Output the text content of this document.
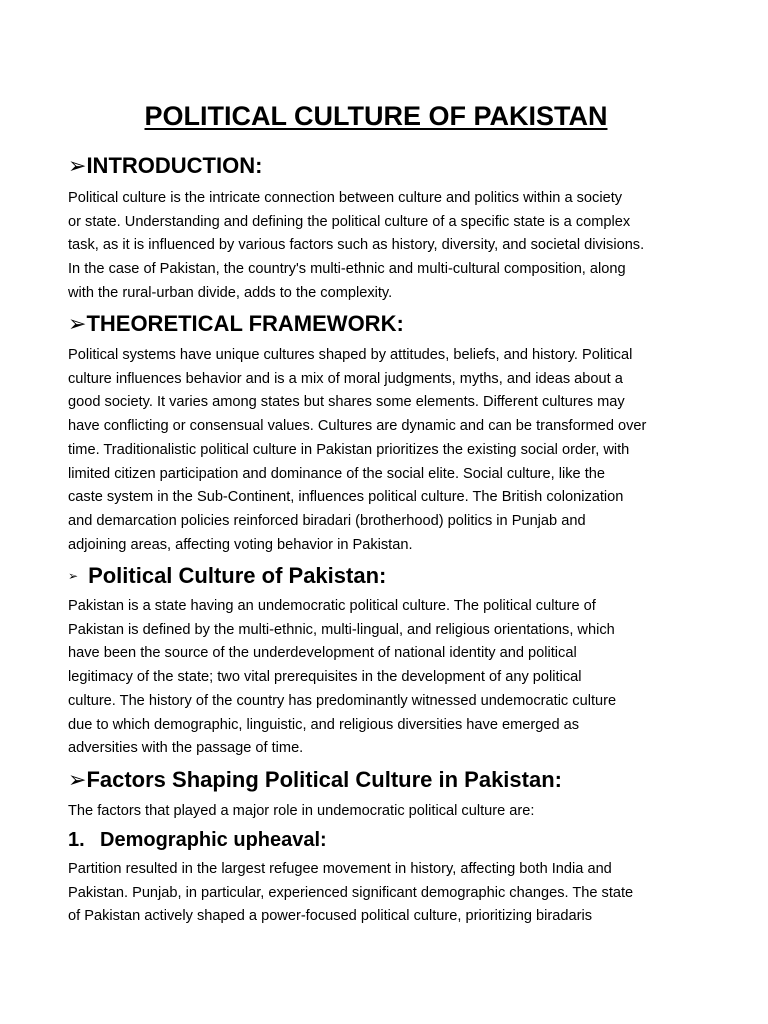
POLITICAL CULTURE OF PAKISTAN
➢INTRODUCTION:
Political culture is the intricate connection between culture and politics within a society
or state. Understanding and defining the political culture of a specific state is a complex
task, as it is influenced by various factors such as history, diversity, and societal divisions.
In the case of Pakistan, the country's multi-ethnic and multi-cultural composition, along
with the rural-urban divide, adds to the complexity.
➢THEORETICAL FRAMEWORK:
Political systems have unique cultures shaped by attitudes, beliefs, and history. Political
culture influences behavior and is a mix of moral judgments, myths, and ideas about a
good society. It varies among states but shares some elements. Different cultures may
have conflicting or consensual values. Cultures are dynamic and can be transformed over
time. Traditionalistic political culture in Pakistan prioritizes the existing social order, with
limited citizen participation and dominance of the social elite. Social culture, like the
caste system in the Sub-Continent, influences political culture. The British colonization
and demarcation policies reinforced biradari (brotherhood) politics in Punjab and
adjoining areas, affecting voting behavior in Pakistan.
➢ Political Culture of Pakistan:
Pakistan is a state having an undemocratic political culture. The political culture of
Pakistan is defined by the multi-ethnic, multi-lingual, and religious orientations, which
have been the source of the underdevelopment of national identity and political
legitimacy of the state; two vital prerequisites in the development of any political
culture. The history of the country has predominantly witnessed undemocratic culture
due to which demographic, linguistic, and religious diversities have emerged as
adversities with the passage of time.
➢Factors Shaping Political Culture in Pakistan:
The factors that played a major role in undemocratic political culture are:
1. Demographic upheaval:
Partition resulted in the largest refugee movement in history, affecting both India and
Pakistan. Punjab, in particular, experienced significant demographic changes. The state
of Pakistan actively shaped a power-focused political culture, prioritizing biradaris
